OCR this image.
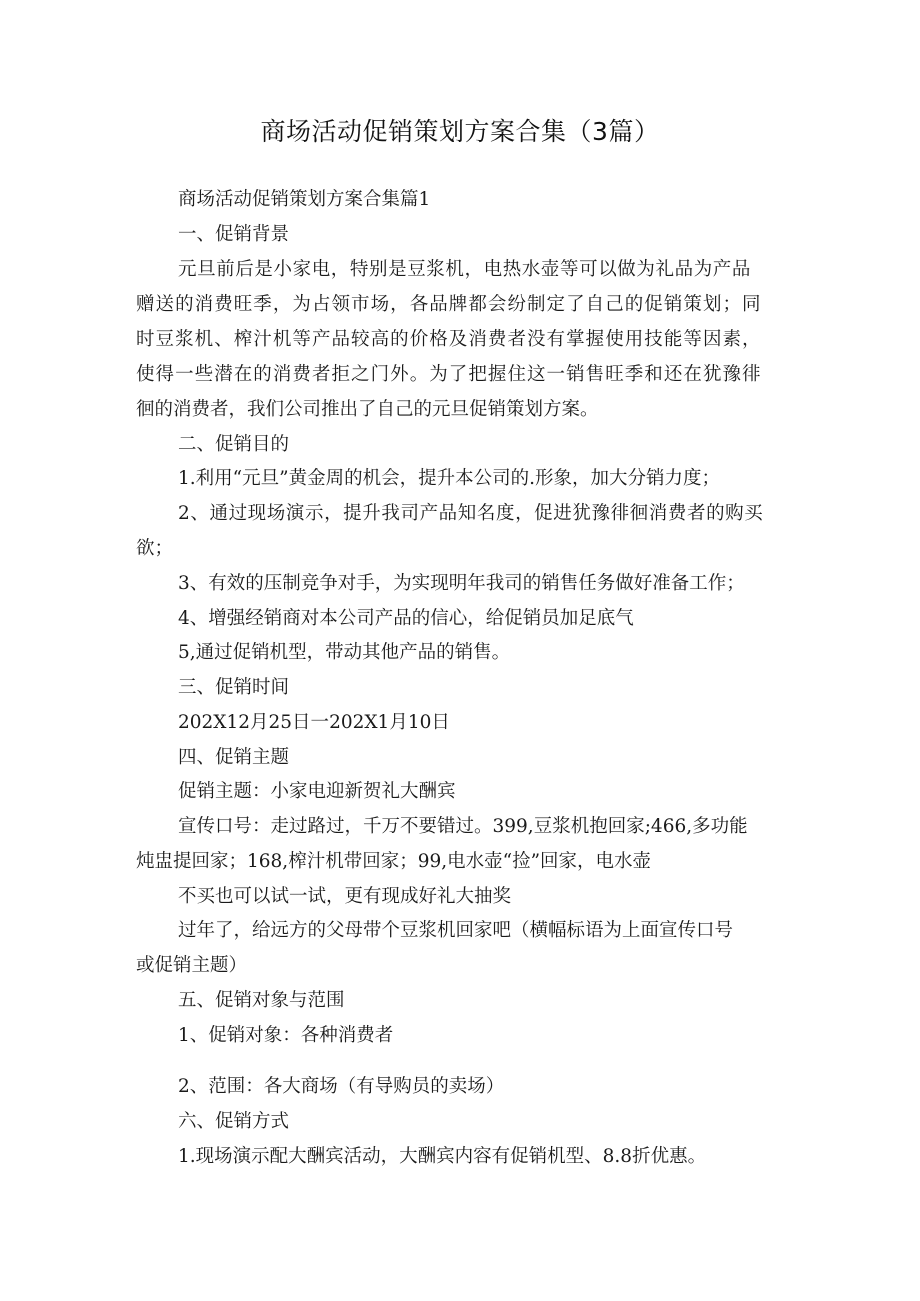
商场活动促销策划方案合集（3篇）
商场活动促销策划方案合集篇1
一、促销背景
元旦前后是小家电，特别是豆浆机，电热水壶等可以做为礼品为产品
赠送的消费旺季，为占领市场，各品牌都会纷制定了自己的促销策划；同
时豆浆机、榨汁机等产品较高的价格及消费者没有掌握使用技能等因素，
使得一些潜在的消费者拒之门外。为了把握住这一销售旺季和还在犹豫徘
徊的消费者，我们公司推出了自己的元旦促销策划方案。
二、促销目的
1.利用“元旦”黄金周的机会，提升本公司的.形象，加大分销力度；
2、通过现场演示，提升我司产品知名度，促进犹豫徘徊消费者的购买
欲；
3、有效的压制竞争对手，为实现明年我司的销售任务做好准备工作；
4、增强经销商对本公司产品的信心，给促销员加足底气
5,通过促销机型，带动其他产品的销售。
三、促销时间
202X12月25日一202X1月10日
四、促销主题
促销主题：小家电迎新贺礼大酬宾
宣传口号：走过路过，千万不要错过。399,豆浆机抱回家;466,多功能
炖盅提回家；168,榨汁机带回家；99,电水壶“捡”回家，电水壶
不买也可以试一试，更有现成好礼大抽奖
过年了，给远方的父母带个豆浆机回家吧（横幅标语为上面宣传口号
或促销主题）
五、促销对象与范围
1、促销对象：各种消费者
2、范围：各大商场（有导购员的卖场）
六、促销方式
1.现场演示配大酬宾活动，大酬宾内容有促销机型、8.8折优惠。
